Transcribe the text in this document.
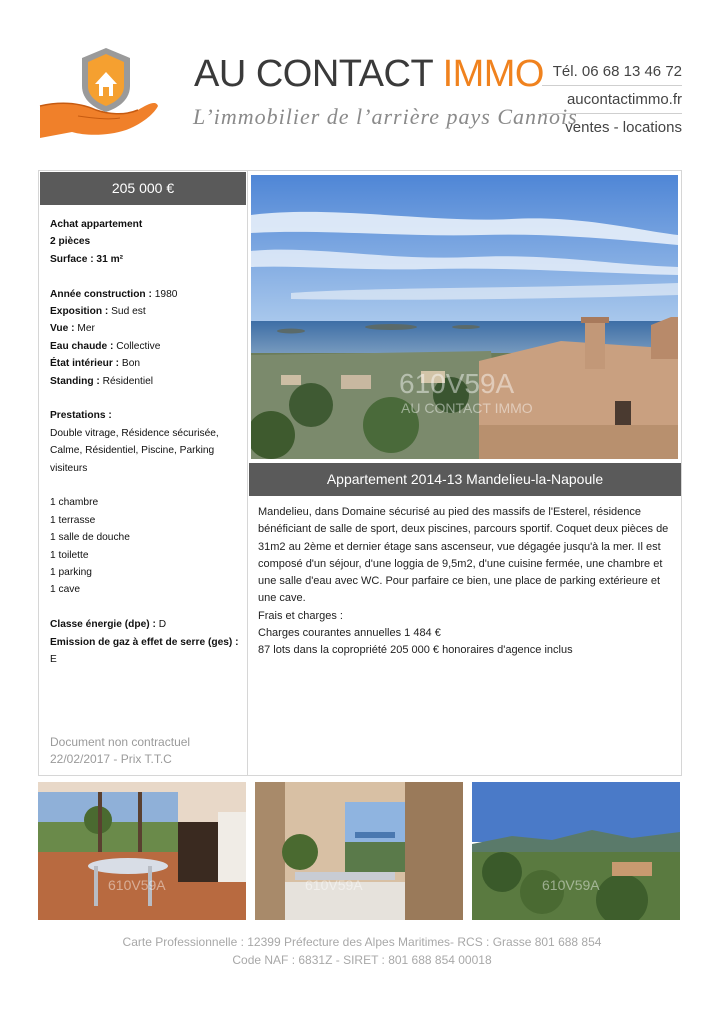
AU CONTACT IMMO
L’immobilier de l’arrière pays Cannois
Tél. 06 68 13 46 72
aucontactimmo.fr
ventes - locations
205 000 €
Achat appartement
2 pièces
Surface : 31 m²
Année construction : 1980
Exposition : Sud est
Vue : Mer
Eau chaude : Collective
État intérieur : Bon
Standing : Résidentiel
Prestations :
Double vitrage, Résidence sécurisée, Calme, Résidentiel, Piscine, Parking visiteurs
1 chambre
1 terrasse
1 salle de douche
1 toilette
1 parking
1 cave
Classe énergie (dpe) : D
Emission de gaz à effet de serre (ges) : E
Document non contractuel
22/02/2017 - Prix T.T.C
610V59A
AU CONTACT IMMO
Appartement 2014-13 Mandelieu-la-Napoule
Mandelieu, dans Domaine sécurisé au pied des massifs de l'Esterel, résidence bénéficiant de salle de sport, deux piscines, parcours sportif. Coquet deux pièces de 31m2 au 2ème et dernier étage sans ascenseur, vue dégagée jusqu'à la mer. Il est composé d'un séjour, d'une loggia de 9,5m2, d'une cuisine fermée, une chambre et une salle d'eau avec WC. Pour parfaire ce bien, une place de parking extérieure et une cave.
Frais et charges :
Charges courantes annuelles 1 484 €
87 lots dans la copropriété 205 000 € honoraires d'agence inclus
610V59A	610V59A	610V59A
Carte Professionnelle : 12399 Préfecture des Alpes Maritimes- RCS : Grasse 801 688 854
Code NAF : 6831Z - SIRET : 801 688 854 00018
